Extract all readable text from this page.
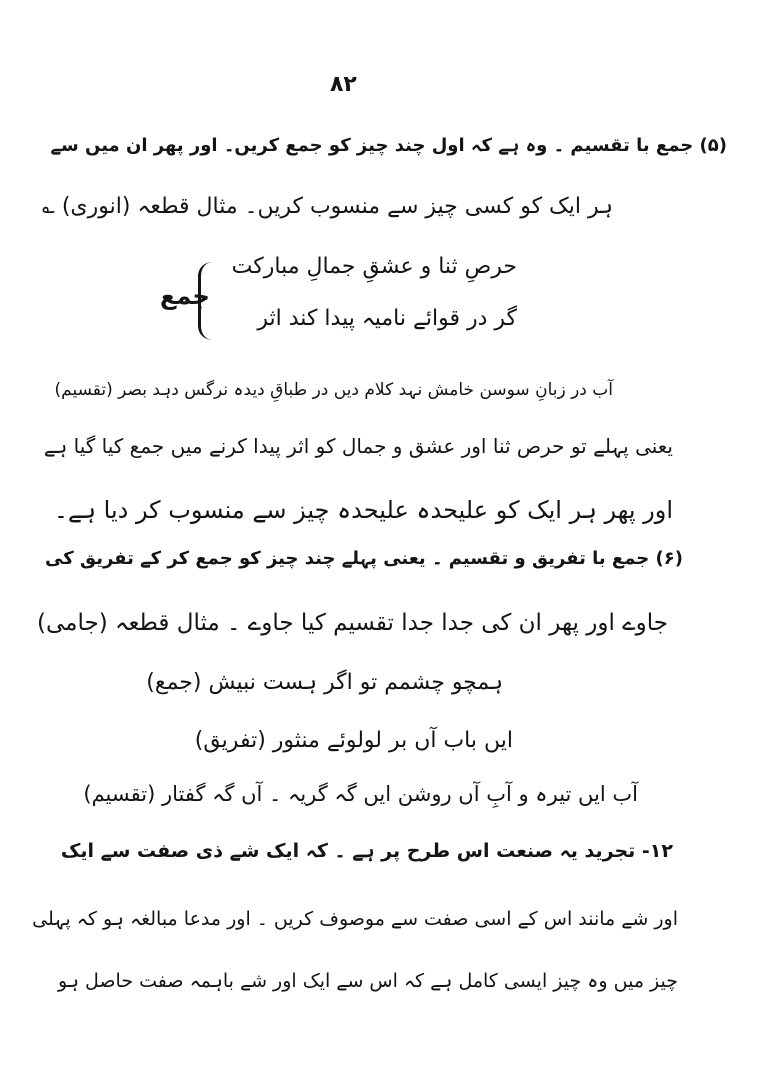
۸۲
(۵) جمع با تقسیم ۔ وہ ہے کہ اول چند چیز کو جمع کریں۔ اور پھر ان میں سے
ہر ایک کو کسی چیز سے منسوب کریں۔ مثال قطعہ (انوری) ؎
حرصِ ثنا و عشقِ جمالِ مبارکت
گر در قوائے نامیہ پیدا کند اثر
جمع
آب در زبانِ سوسن خامش نہد کلام دیں در طباقِ دیدہ نرگس دہد بصر (تقسیم)
یعنی پہلے تو حرص ثنا اور عشق و جمال کو اثر پیدا کرنے میں جمع کیا گیا ہے
اور پھر ہر ایک کو علیحدہ علیحدہ چیز سے منسوب کر دیا ہے۔
(۶) جمع با تفریق و تقسیم ۔ یعنی پہلے چند چیز کو جمع کر کے تفریق کی
جاوے اور پھر ان کی جدا جدا تقسیم کیا جاوے ۔ مثال قطعہ (جامی)
ہمچو چشمم تو اگر ہست نبیش (جمع)
ایں باب آں بر لولوئے منثور (تفریق)
آب ایں تیرہ و آبِ آں روشن ایں گہ گریہ ۔ آں گہ گفتار (تقسیم)
۱۲- تجرید یہ صنعت اس طرح پر ہے ۔ کہ ایک شے ذی صفت سے ایک
اور شے مانند اس کے اسی صفت سے موصوف کریں ۔ اور مدعا مبالغہ ہو کہ پہلی
چیز میں وہ چیز ایسی کامل ہے کہ اس سے ایک اور شے باہمہ صفت حاصل ہو
